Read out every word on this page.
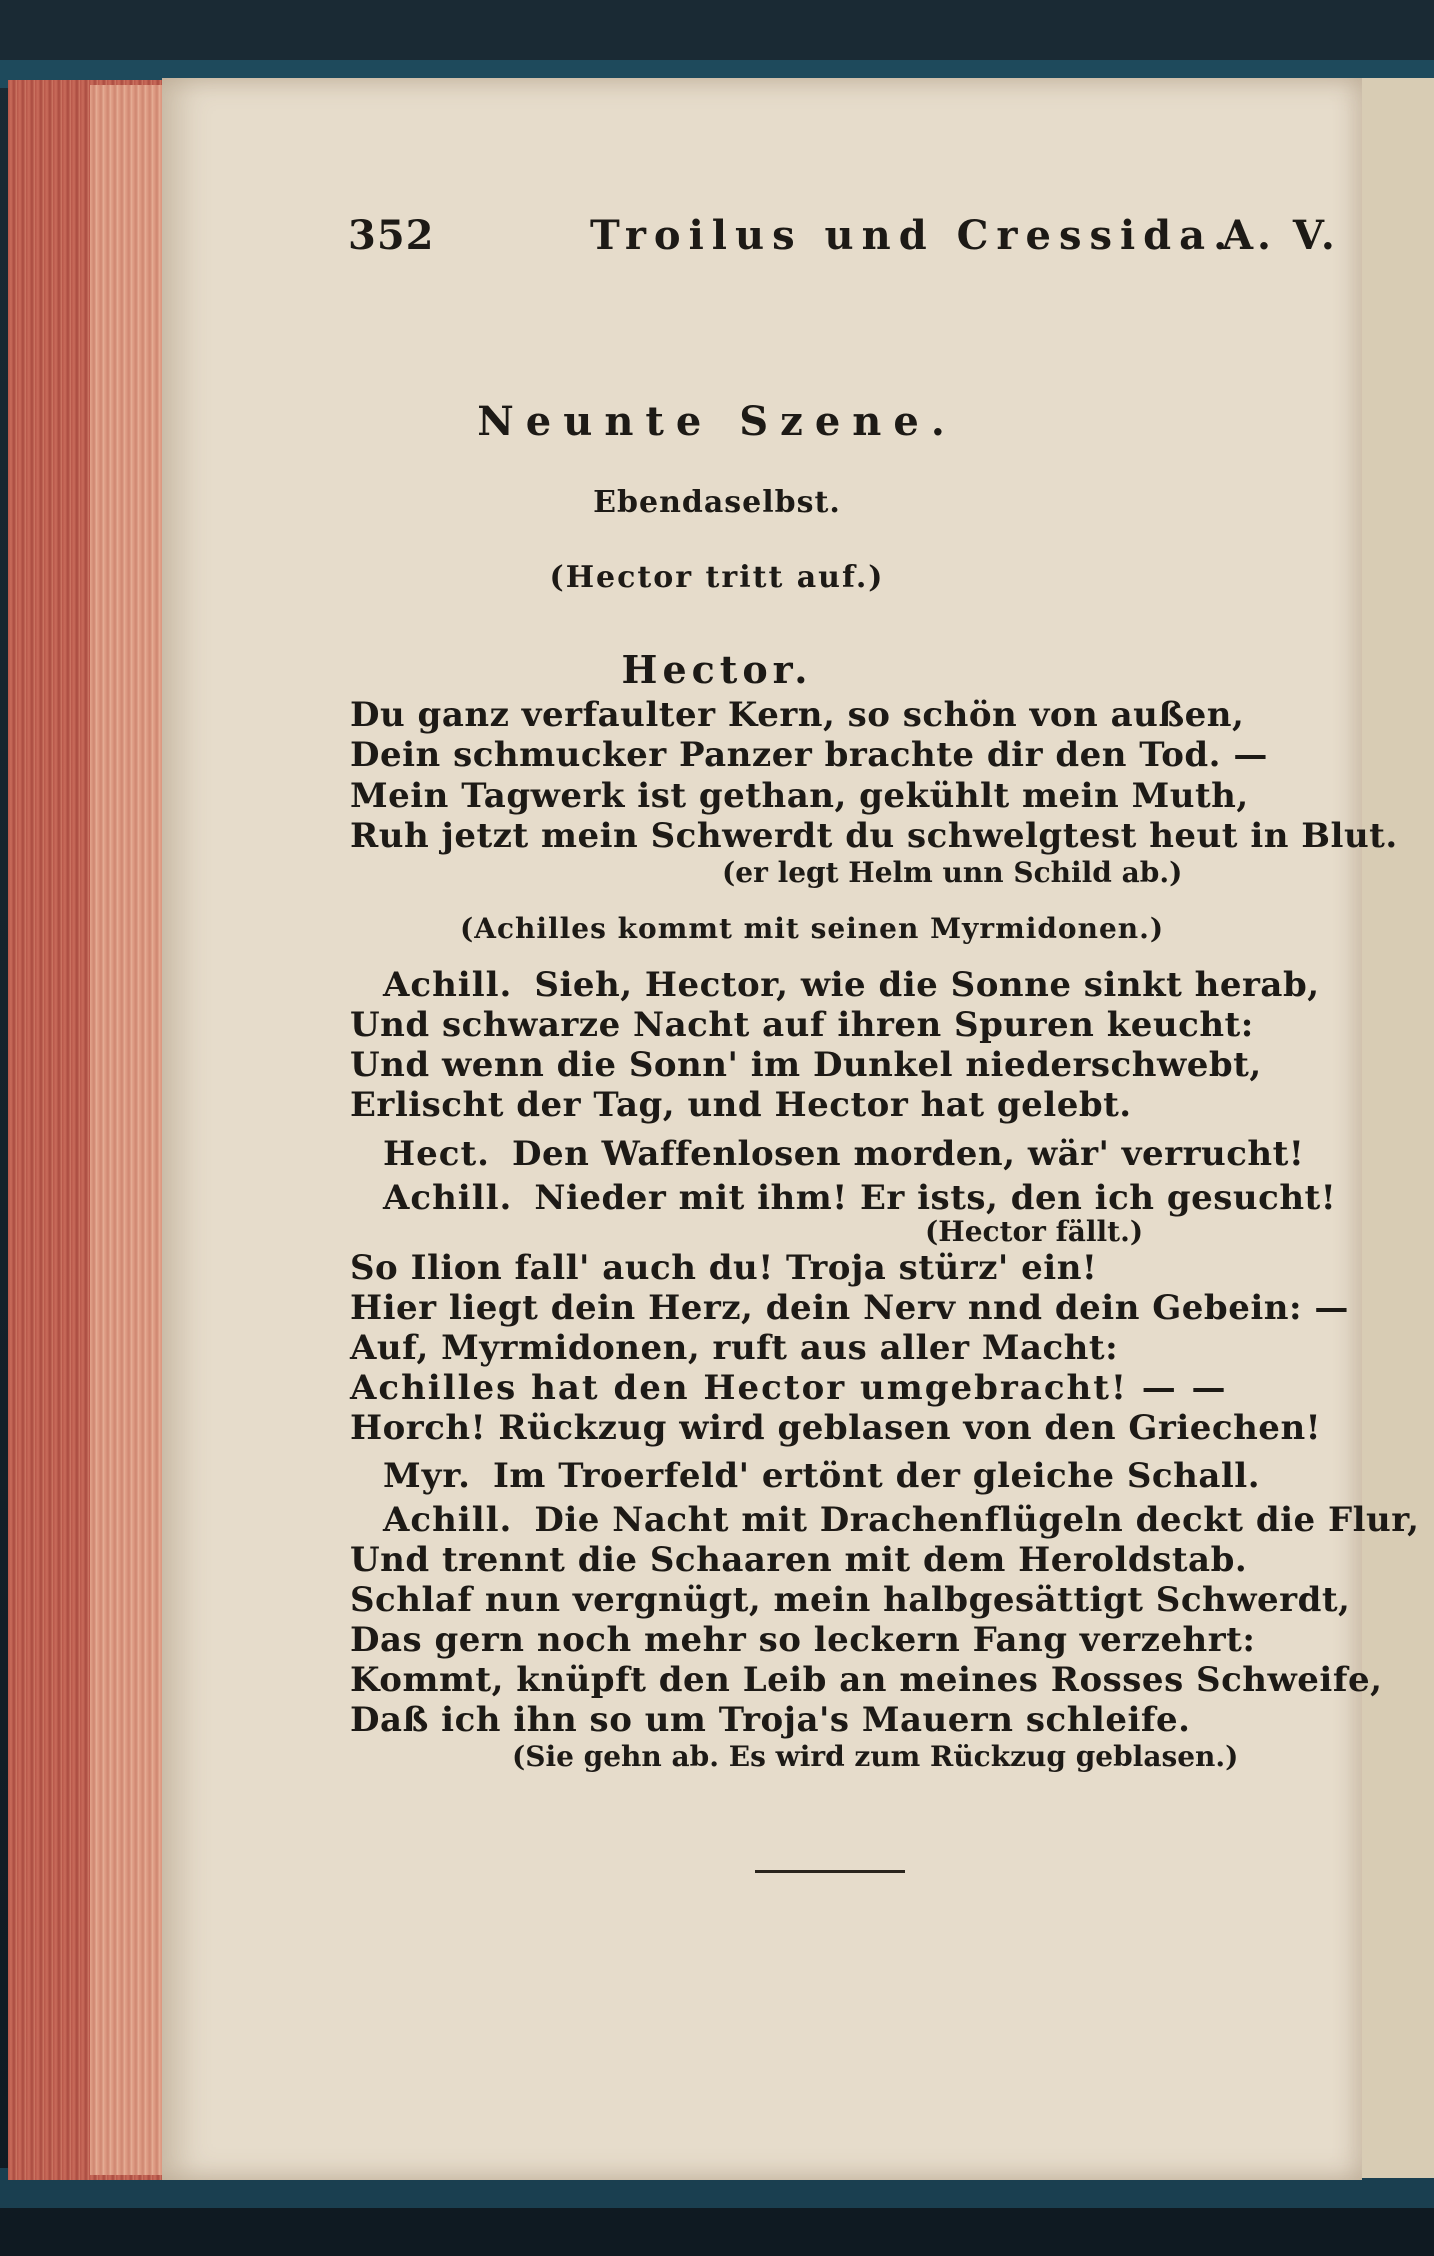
352	Troilus und Cressida.
A. V.
Neunte Szene.
Ebendaselbst.
(Hector tritt auf.)
Hector.
Du ganz verfaulter Kern, so schön von außen,
Dein schmucker Panzer brachte dir den Tod. —
Mein Tagwerk ist gethan, gekühlt mein Muth,
Ruh jetzt mein Schwerdt du schwelgtest heut in Blut.
(er legt Helm unn Schild ab.)
(Achilles kommt mit seinen Myrmidonen.)
Achill. Sieh, Hector, wie die Sonne sinkt herab,
Und schwarze Nacht auf ihren Spuren keucht:
Und wenn die Sonn' im Dunkel niederschwebt,
Erlischt der Tag, und Hector hat gelebt.
Hect. Den Waffenlosen morden, wär' verrucht!
Achill. Nieder mit ihm! Er ists, den ich gesucht!
(Hector fällt.)
So Ilion fall' auch du! Troja stürz' ein!
Hier liegt dein Herz, dein Nerv nnd dein Gebein: —
Auf, Myrmidonen, ruft aus aller Macht:
Achilles hat den Hector umgebracht! — —
Horch! Rückzug wird geblasen von den Griechen!
Myr. Im Troerfeld' ertönt der gleiche Schall.
Achill. Die Nacht mit Drachenflügeln deckt die Flur,
Und trennt die Schaaren mit dem Heroldstab.
Schlaf nun vergnügt, mein halbgesättigt Schwerdt,
Das gern noch mehr so leckern Fang verzehrt:
Kommt, knüpft den Leib an meines Rosses Schweife,
Daß ich ihn so um Troja's Mauern schleife.
(Sie gehn ab. Es wird zum Rückzug geblasen.)
